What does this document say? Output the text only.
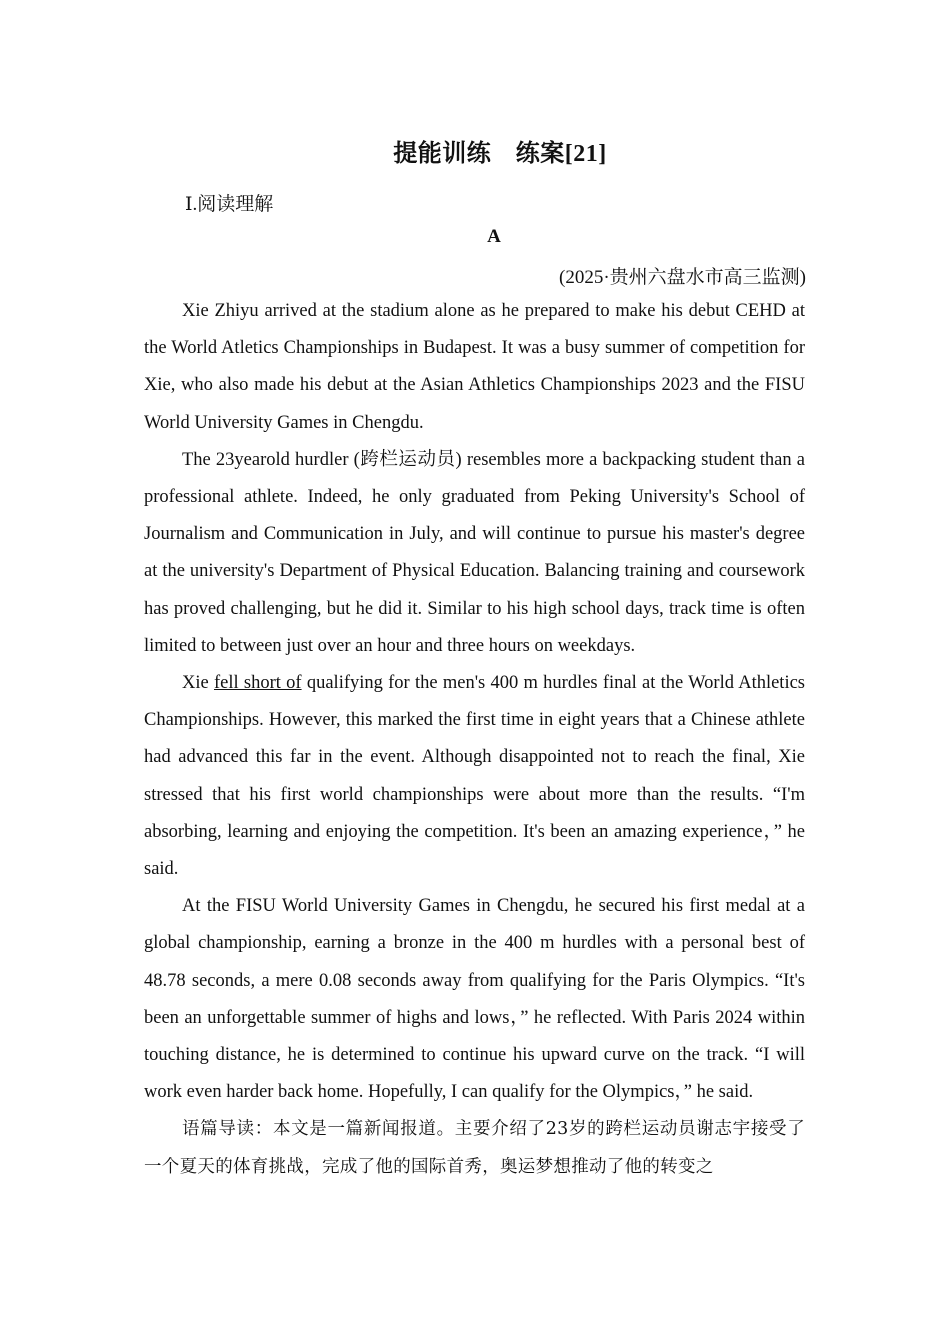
提能训练　练案[21]
Ⅰ.阅读理解
A
(2025·贵州六盘水市高三监测)

Xie Zhiyu arrived at the stadium alone as he prepared to make his debut CEHD at the World Atletics Championships in Budapest. It was a busy summer of competition for Xie, who also made his debut at the Asian Athletics Championships 2023 and the FISU World University Games in Chengdu.

The 23yearold hurdler (跨栏运动员) resembles more a backpacking student than a professional athlete. Indeed, he only graduated from Peking University's School of Journalism and Communication in July, and will continue to pursue his master's degree at the university's Department of Physical Education. Balancing training and coursework has proved challenging, but he did it. Similar to his high school days, track time is often limited to between just over an hour and three hours on weekdays.

Xie fell short of qualifying for the men's 400 m hurdles final at the World Athletics Championships. However, this marked the first time in eight years that a Chinese athlete had advanced this far in the event. Although disappointed not to reach the final, Xie stressed that his first world championships were about more than the results. “I'm absorbing, learning and enjoying the competition. It's been an amazing experience，” he said.

At the FISU World University Games in Chengdu, he secured his first medal at a global championship, earning a bronze in the 400 m hurdles with a personal best of 48.78 seconds, a mere 0.08 seconds away from qualifying for the Paris Olympics. “It's been an unforgettable summer of highs and lows，” he reflected. With Paris 2024 within touching distance, he is determined to continue his upward curve on the track. “I will work even harder back home. Hopefully, I can qualify for the Olympics，” he said.

语篇导读：本文是一篇新闻报道。主要介绍了23岁的跨栏运动员谢志宇接受了一个夏天的体育挑战，完成了他的国际首秀，奥运梦想推动了他的转变之
